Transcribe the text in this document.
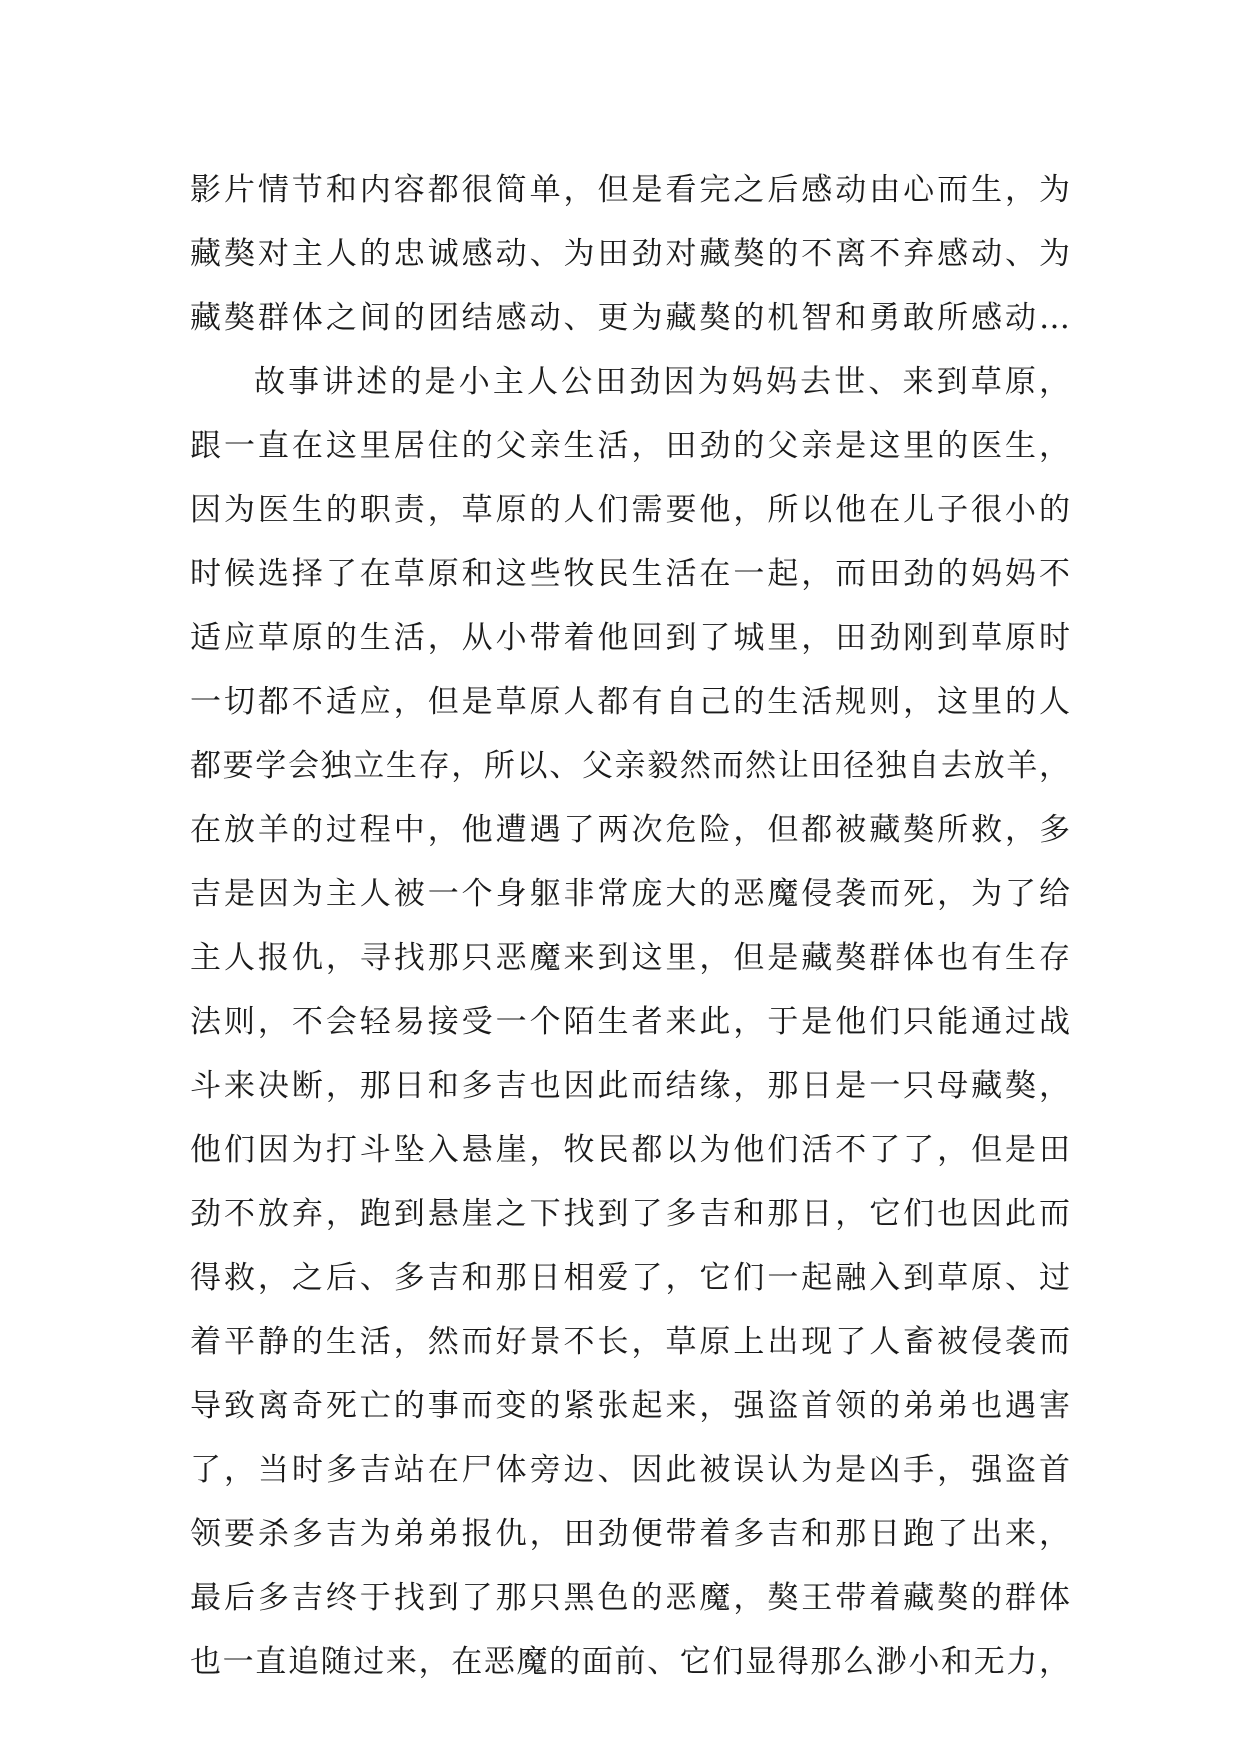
影片情节和内容都很简单，但是看完之后感动由心而生，为
藏獒对主人的忠诚感动、为田劲对藏獒的不离不弃感动、为
藏獒群体之间的团结感动、更为藏獒的机智和勇敢所感动…
故事讲述的是小主人公田劲因为妈妈去世、来到草原，
跟一直在这里居住的父亲生活，田劲的父亲是这里的医生，
因为医生的职责，草原的人们需要他，所以他在儿子很小的
时候选择了在草原和这些牧民生活在一起，而田劲的妈妈不
适应草原的生活，从小带着他回到了城里，田劲刚到草原时
一切都不适应，但是草原人都有自己的生活规则，这里的人
都要学会独立生存，所以、父亲毅然而然让田径独自去放羊，
在放羊的过程中，他遭遇了两次危险，但都被藏獒所救，多
吉是因为主人被一个身躯非常庞大的恶魔侵袭而死，为了给
主人报仇，寻找那只恶魔来到这里，但是藏獒群体也有生存
法则，不会轻易接受一个陌生者来此，于是他们只能通过战
斗来决断，那日和多吉也因此而结缘，那日是一只母藏獒，
他们因为打斗坠入悬崖，牧民都以为他们活不了了，但是田
劲不放弃，跑到悬崖之下找到了多吉和那日，它们也因此而
得救，之后、多吉和那日相爱了，它们一起融入到草原、过
着平静的生活，然而好景不长，草原上出现了人畜被侵袭而
导致离奇死亡的事而变的紧张起来，强盗首领的弟弟也遇害
了，当时多吉站在尸体旁边、因此被误认为是凶手，强盗首
领要杀多吉为弟弟报仇，田劲便带着多吉和那日跑了出来，
最后多吉终于找到了那只黑色的恶魔，獒王带着藏獒的群体
也一直追随过来，在恶魔的面前、它们显得那么渺小和无力，
